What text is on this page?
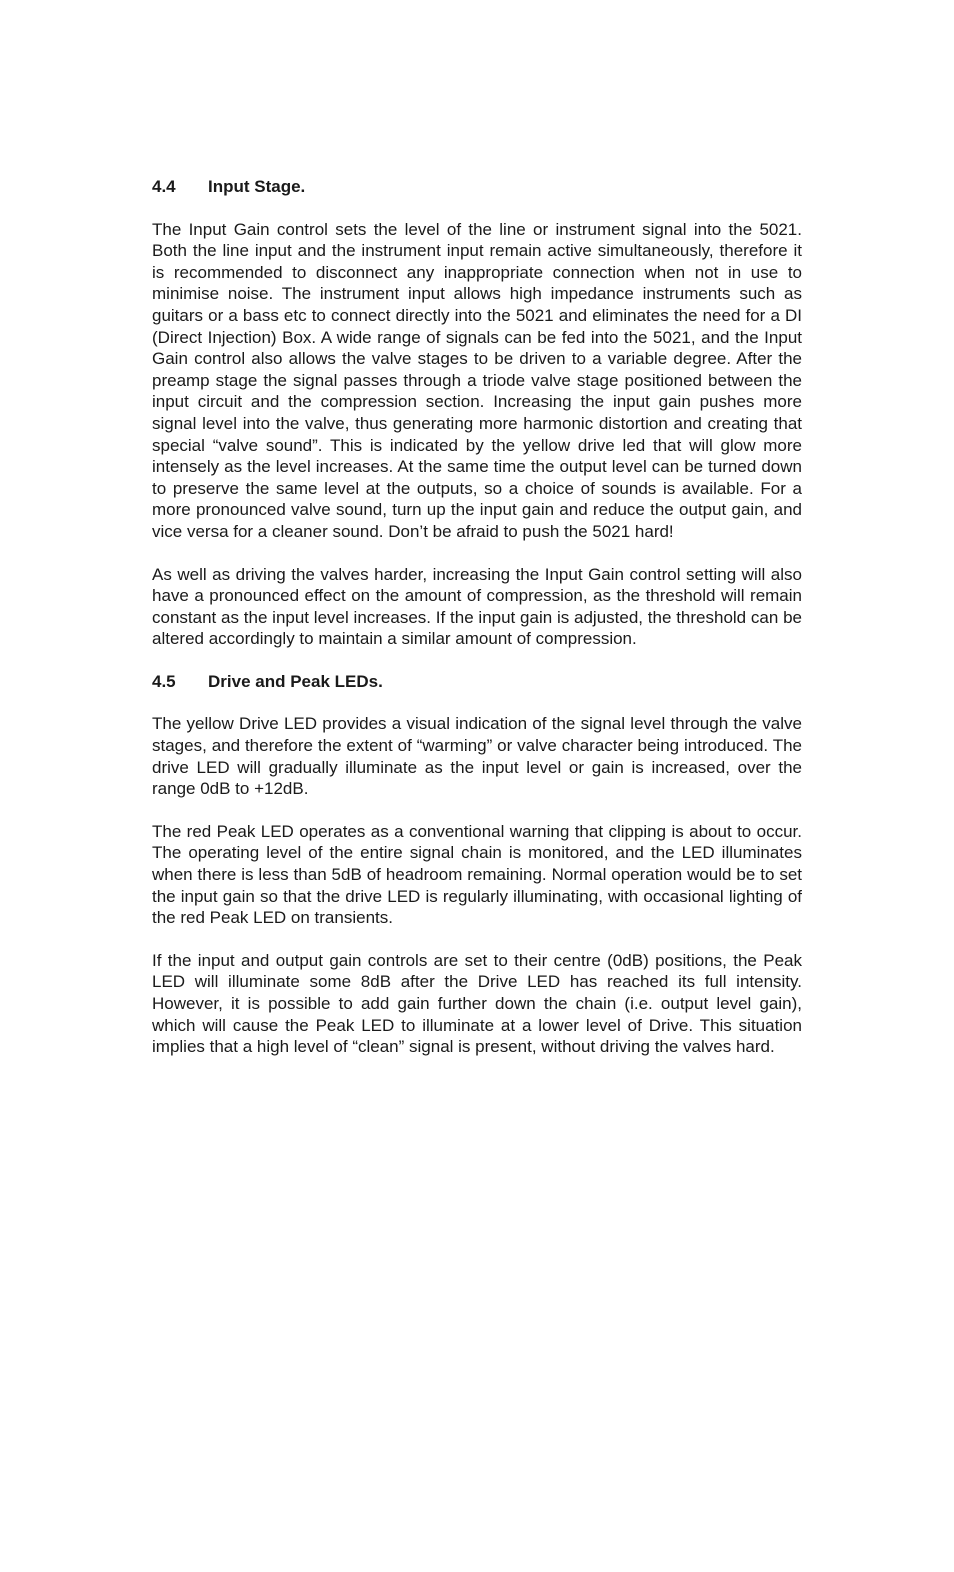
4.4	Input Stage.

The Input Gain control sets the level of the line or instrument signal into the 5021. Both the line input and the instrument input remain active simultaneously, therefore it is recommended to disconnect any inappropriate connection when not in use to minimise noise. The instrument input allows high impedance instruments such as guitars or a bass etc to connect directly into the 5021 and eliminates the need for a DI (Direct Injection) Box. A wide range of signals can be fed into the 5021, and the Input Gain control also allows the valve stages to be driven to a variable degree. After the preamp stage the signal passes through a triode valve stage positioned between the input circuit and the compression section. Increasing the input gain pushes more signal level into the valve, thus generating more harmonic distortion and creating that special “valve sound”. This is indicated by the yellow drive led that will glow more intensely as the level increases. At the same time the output level can be turned down to preserve the same level at the outputs, so a choice of sounds is available. For a more pronounced valve sound, turn up the input gain and reduce the output gain, and vice versa for a cleaner sound. Don’t be afraid to push the 5021 hard!

As well as driving the valves harder, increasing the Input Gain control setting will also have a pronounced effect on the amount of compression, as the threshold will remain constant as the input level increases. If the input gain is adjusted, the threshold can be altered accordingly to maintain a similar amount of compression.

4.5	Drive and Peak LEDs.

The yellow Drive LED provides a visual indication of the signal level through the valve stages, and therefore the extent of “warming” or valve character being introduced. The drive LED will gradually illuminate as the input level or gain is increased, over the range 0dB to +12dB.

The red Peak LED operates as a conventional warning that clipping is about to occur. The operating level of the entire signal chain is monitored, and the LED illuminates when there is less than 5dB of headroom remaining. Normal operation would be to set the input gain so that the drive LED is regularly illuminating, with occasional lighting of the red Peak LED on transients.

If the input and output gain controls are set to their centre (0dB) positions, the Peak LED will illuminate some 8dB after the Drive LED has reached its full intensity. However, it is possible to add gain further down the chain (i.e. output level gain), which will cause the Peak LED to illuminate at a lower level of Drive. This situation implies that a high level of “clean” signal is present, without driving the valves hard.
